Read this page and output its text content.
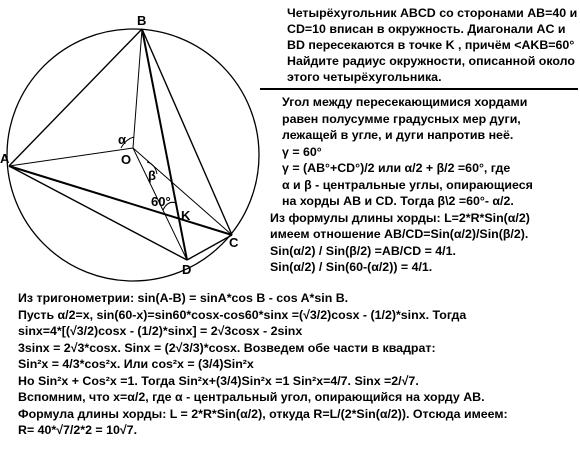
A
B
C
D
O
K
α
β
60°
Четырёхугольник ABCD со сторонами AB=40 и
CD=10 вписан в окружность. Диагонали AC и
BD пересекаются в точке K , причём <AKB=60°
Найдите радиус окружности, описанной около
этого четырёхугольника.
Угол между пересекающимися хордами
равен полусумме градусных мер дуги,
лежащей в угле, и дуги напротив неё.
γ = 60°
γ = (AB°+CD°)/2 или α/2 + β/2 =60°, где
α и β - центральные углы, опирающиеся
на хорды AB и CD. Тогда β\2 =60°- α/2.
Из формулы длины хорды: L=2*R*Sin(α/2)
имеем отношение AB/CD=Sin(α/2)/Sin(β/2).
Sin(α/2) / Sin(β/2) =AB/CD = 4/1.
Sin(α/2) / Sin(60-(α/2)) = 4/1.
Из тригонометрии: sin(A-B) = sinA*cos B - cos A*sin B.
Пусть α/2=x, sin(60-x)=sin60*cosx-cos60*sinx =(√3/2)cosx - (1/2)*sinx. Тогда
sinx=4*[(√3/2)cosx - (1/2)*sinx] = 2√3cosx - 2sinx
3sinx = 2√3*cosx. Sinx = (2√3/3)*cosx. Возведем обе части в квадрат:
Sin²x = 4/3*cos²x. Или cos²x = (3/4)Sin²x
Но Sin²x + Cos²x =1. Тогда Sin²x+(3/4)Sin²x =1 Sin²x=4/7. Sinx =2/√7.
Вспомним, что x=α/2, где α - центральный угол, опирающийся на хорду AB.
Формула длины хорды: L = 2*R*Sin(α/2), откуда R=L/(2*Sin(α/2)). Отсюда имеем:
R= 40*√7/2*2 = 10√7.
